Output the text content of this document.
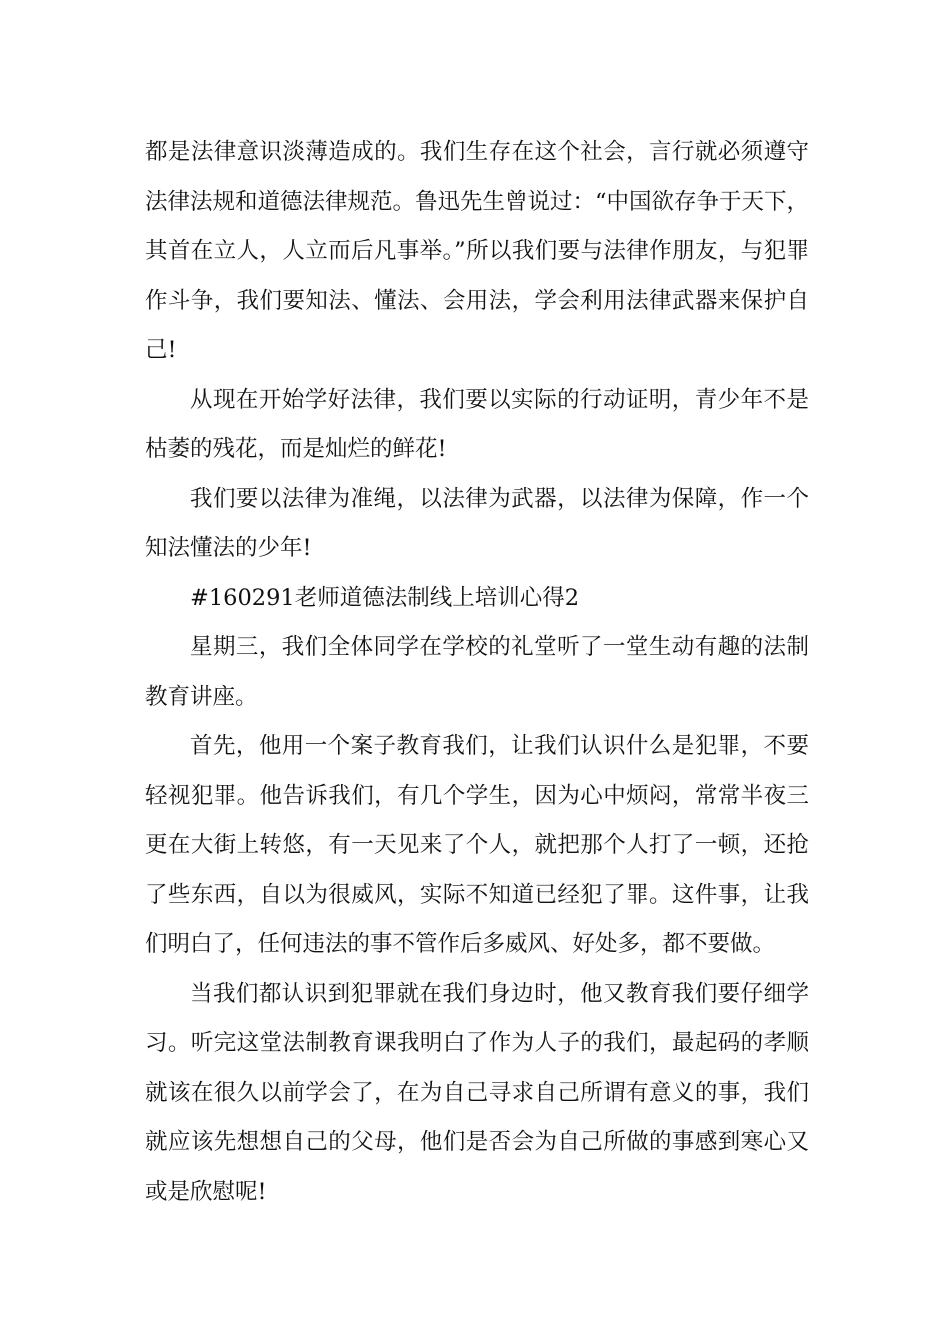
都是法律意识淡薄造成的。我们生存在这个社会，言行就必须遵守法律法规和道德法律规范。鲁迅先生曾说过：“中国欲存争于天下，其首在立人，人立而后凡事举。”所以我们要与法律作朋友，与犯罪作斗争，我们要知法、懂法、会用法，学会利用法律武器来保护自己!

从现在开始学好法律，我们要以实际的行动证明，青少年不是枯萎的残花，而是灿烂的鲜花!

我们要以法律为准绳，以法律为武器，以法律为保障，作一个知法懂法的少年!

#160291老师道德法制线上培训心得2

星期三，我们全体同学在学校的礼堂听了一堂生动有趣的法制教育讲座。

首先，他用一个案子教育我们，让我们认识什么是犯罪，不要轻视犯罪。他告诉我们，有几个学生，因为心中烦闷，常常半夜三更在大街上转悠，有一天见来了个人，就把那个人打了一顿，还抢了些东西，自以为很威风，实际不知道已经犯了罪。这件事，让我们明白了，任何违法的事不管作后多威风、好处多，都不要做。

当我们都认识到犯罪就在我们身边时，他又教育我们要仔细学习。听完这堂法制教育课我明白了作为人子的我们，最起码的孝顺就该在很久以前学会了，在为自己寻求自己所谓有意义的事，我们就应该先想想自己的父母，他们是否会为自己所做的事感到寒心又或是欣慰呢!
